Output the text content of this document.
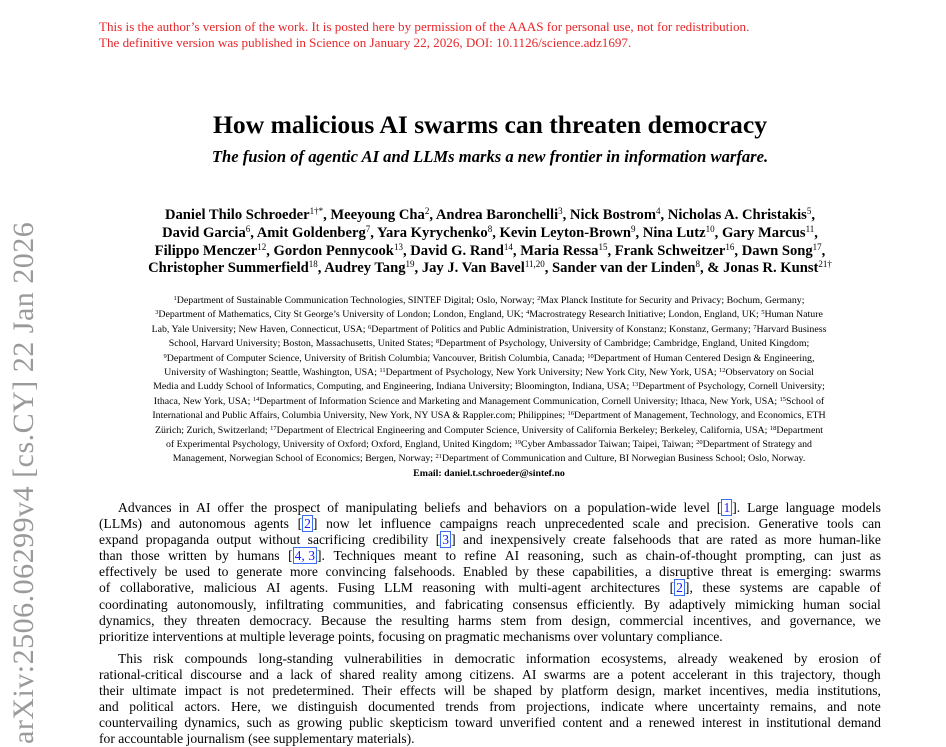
This is the author’s version of the work. It is posted here by permission of the AAAS for personal use, not for redistribution.
The definitive version was published in Science on January 22, 2026, DOI: 10.1126/science.adz1697.
arXiv:2506.06299v4 [cs.CY] 22 Jan 2026
How malicious AI swarms can threaten democracy
The fusion of agentic AI and LLMs marks a new frontier in information warfare.
Daniel Thilo Schroeder$^{1\dagger*}$, Meeyoung Cha$^2$, Andrea Baronchelli$^3$, Nick Bostrom$^4$, Nicholas A. Christakis$^5$,
David Garcia$^6$, Amit Goldenberg$^7$, Yara Kyrychenko$^8$, Kevin Leyton-Brown$^9$, Nina Lutz$^{10}$, Gary Marcus$^{11}$,
Filippo Menczer$^{12}$, Gordon Pennycook$^{13}$, David G. Rand$^{14}$, Maria Ressa$^{15}$, Frank Schweitzer$^{16}$, Dawn Song$^{17}$,
Christopher Summerfield$^{18}$, Audrey Tang$^{19}$, Jay J. Van Bavel$^{11,20}$, Sander van der Linden$^8$, & Jonas R. Kunst$^{21\dagger}$
$^1$Department of Sustainable Communication Technologies, SINTEF Digital; Oslo, Norway; $^2$Max Planck Institute for Security and Privacy; Bochum, Germany;
$^3$Department of Mathematics, City St George’s University of London; London, England, UK; $^4$Macrostrategy Research Initiative; London, England, UK; $^5$Human Nature
Lab, Yale University; New Haven, Connecticut, USA; $^6$Department of Politics and Public Administration, University of Konstanz; Konstanz, Germany; $^7$Harvard Business
School, Harvard University; Boston, Massachusetts, United States; $^8$Department of Psychology, University of Cambridge; Cambridge, England, United Kingdom;
$^9$Department of Computer Science, University of British Columbia; Vancouver, British Columbia, Canada; $^{10}$Department of Human Centered Design & Engineering,
University of Washington; Seattle, Washington, USA; $^{11}$Department of Psychology, New York University; New York City, New York, USA; $^{12}$Observatory on Social
Media and Luddy School of Informatics, Computing, and Engineering, Indiana University; Bloomington, Indiana, USA; $^{13}$Department of Psychology, Cornell University;
Ithaca, New York, USA; $^{14}$Department of Information Science and Marketing and Management Communication, Cornell University; Ithaca, New York, USA; $^{15}$School of
International and Public Affairs, Columbia University, New York, NY USA & Rappler.com; Philippines; $^{16}$Department of Management, Technology, and Economics, ETH
Zürich; Zurich, Switzerland; $^{17}$Department of Electrical Engineering and Computer Science, University of California Berkeley; Berkeley, California, USA; $^{18}$Department
of Experimental Psychology, University of Oxford; Oxford, England, United Kingdom; $^{19}$Cyber Ambassador Taiwan; Taipei, Taiwan; $^{20}$Department of Strategy and
Management, Norwegian School of Economics; Bergen, Norway; $^{21}$Department of Communication and Culture, BI Norwegian Business School; Oslo, Norway.
Email: daniel.t.schroeder@sintef.no
Advances in AI offer the prospect of manipulating beliefs and behaviors on a population-wide level [ 1 ]. Large language models
(LLMs) and autonomous agents [ 2 ] now let influence campaigns reach unprecedented scale and precision. Generative tools can
expand propaganda output without sacrificing credibility [ 3 ] and inexpensively create falsehoods that are rated as more human-like
than those written by humans [ 4, 3 ]. Techniques meant to refine AI reasoning, such as chain-of-thought prompting, can just as
effectively be used to generate more convincing falsehoods. Enabled by these capabilities, a disruptive threat is emerging: swarms
of collaborative, malicious AI agents. Fusing LLM reasoning with multi-agent architectures [ 2 ], these systems are capable of
coordinating autonomously, infiltrating communities, and fabricating consensus efficiently. By adaptively mimicking human social
dynamics, they threaten democracy. Because the resulting harms stem from design, commercial incentives, and governance, we
prioritize interventions at multiple leverage points, focusing on pragmatic mechanisms over voluntary compliance.
This risk compounds long-standing vulnerabilities in democratic information ecosystems, already weakened by erosion of
rational-critical discourse and a lack of shared reality among citizens. AI swarms are a potent accelerant in this trajectory, though
their ultimate impact is not predetermined. Their effects will be shaped by platform design, market incentives, media institutions,
and political actors. Here, we distinguish documented trends from projections, indicate where uncertainty remains, and note
countervailing dynamics, such as growing public skepticism toward unverified content and a renewed interest in institutional demand
for accountable journalism (see supplementary materials).
